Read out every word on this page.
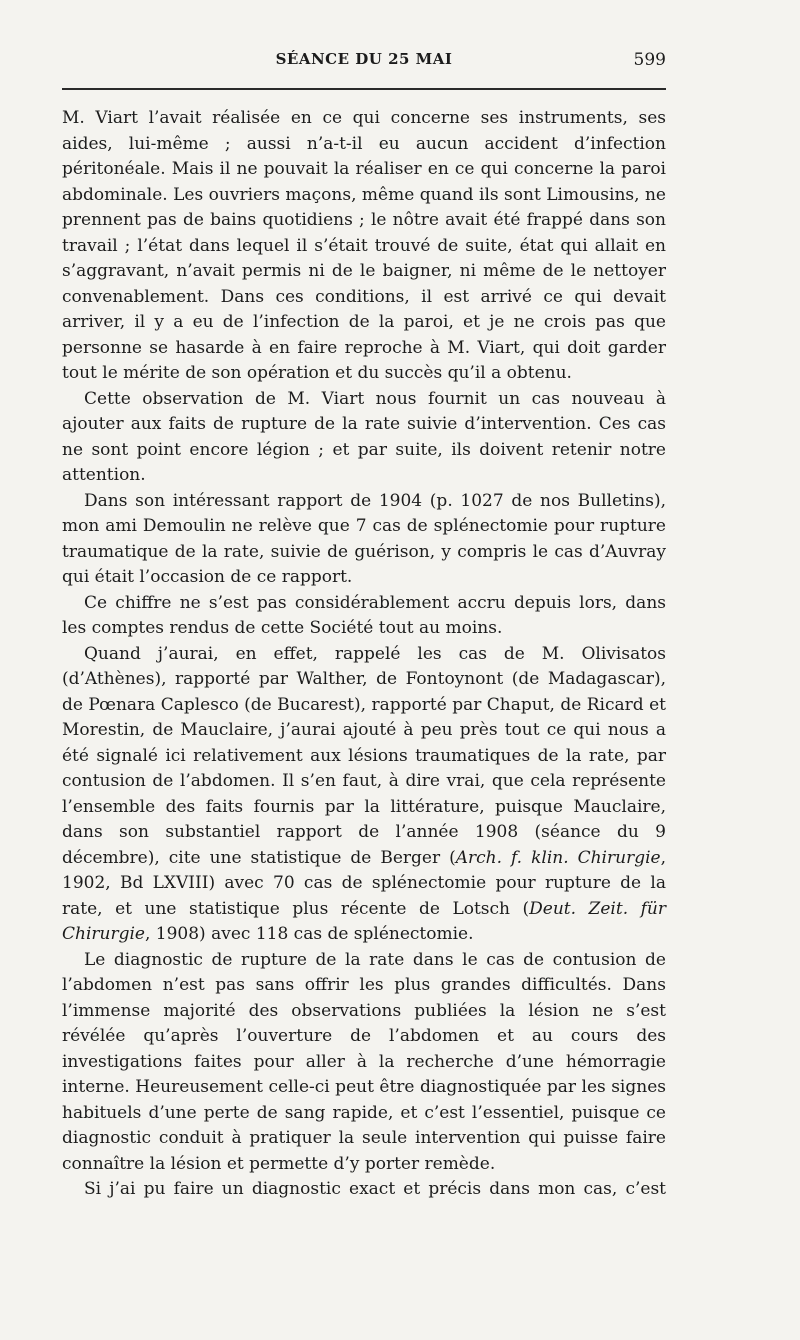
SÉANCE DU 25 MAI	599

M. Viart l’avait réalisée en ce qui concerne ses instruments, ses aides, lui-même ; aussi n’a-t-il eu aucun accident d’infection péritonéale. Mais il ne pouvait la réaliser en ce qui concerne la paroi abdominale. Les ouvriers maçons, même quand ils sont Limousins, ne prennent pas de bains quotidiens ; le nôtre avait été frappé dans son travail ; l’état dans lequel il s’était trouvé de suite, état qui allait en s’aggravant, n’avait permis ni de le baigner, ni même de le nettoyer convenablement. Dans ces conditions, il est arrivé ce qui devait arriver, il y a eu de l’infection de la paroi, et je ne crois pas que personne se hasarde à en faire reproche à M. Viart, qui doit garder tout le mérite de son opération et du succès qu’il a obtenu.

Cette observation de M. Viart nous fournit un cas nouveau à ajouter aux faits de rupture de la rate suivie d’intervention. Ces cas ne sont point encore légion ; et par suite, ils doivent retenir notre attention.

Dans son intéressant rapport de 1904 (p. 1027 de nos Bulletins), mon ami Demoulin ne relève que 7 cas de splénectomie pour rupture traumatique de la rate, suivie de guérison, y compris le cas d’Auvray qui était l’occasion de ce rapport.

Ce chiffre ne s’est pas considérablement accru depuis lors, dans les comptes rendus de cette Société tout au moins.

Quand j’aurai, en effet, rappelé les cas de M. Olivisatos (d’Athènes), rapporté par Walther, de Fontoynont (de Madagascar), de Pœnara Caplesco (de Bucarest), rapporté par Chaput, de Ricard et Morestin, de Mauclaire, j’aurai ajouté à peu près tout ce qui nous a été signalé ici relativement aux lésions traumatiques de la rate, par contusion de l’abdomen. Il s’en faut, à dire vrai, que cela représente l’ensemble des faits fournis par la littérature, puisque Mauclaire, dans son substantiel rapport de l’année 1908 (séance du 9 décembre), cite une statistique de Berger (Arch. f. klin. Chirurgie, 1902, Bd LXVIII) avec 70 cas de splénectomie pour rupture de la rate, et une statistique plus récente de Lotsch (Deut. Zeit. für Chirurgie, 1908) avec 118 cas de splénectomie.

Le diagnostic de rupture de la rate dans le cas de contusion de l’abdomen n’est pas sans offrir les plus grandes difficultés. Dans l’immense majorité des observations publiées la lésion ne s’est révélée qu’après l’ouverture de l’abdomen et au cours des investigations faites pour aller à la recherche d’une hémorragie interne. Heureusement celle-ci peut être diagnostiquée par les signes habituels d’une perte de sang rapide, et c’est l’essentiel, puisque ce diagnostic conduit à pratiquer la seule intervention qui puisse faire connaître la lésion et permette d’y porter remède.

Si j’ai pu faire un diagnostic exact et précis dans mon cas, c’est
